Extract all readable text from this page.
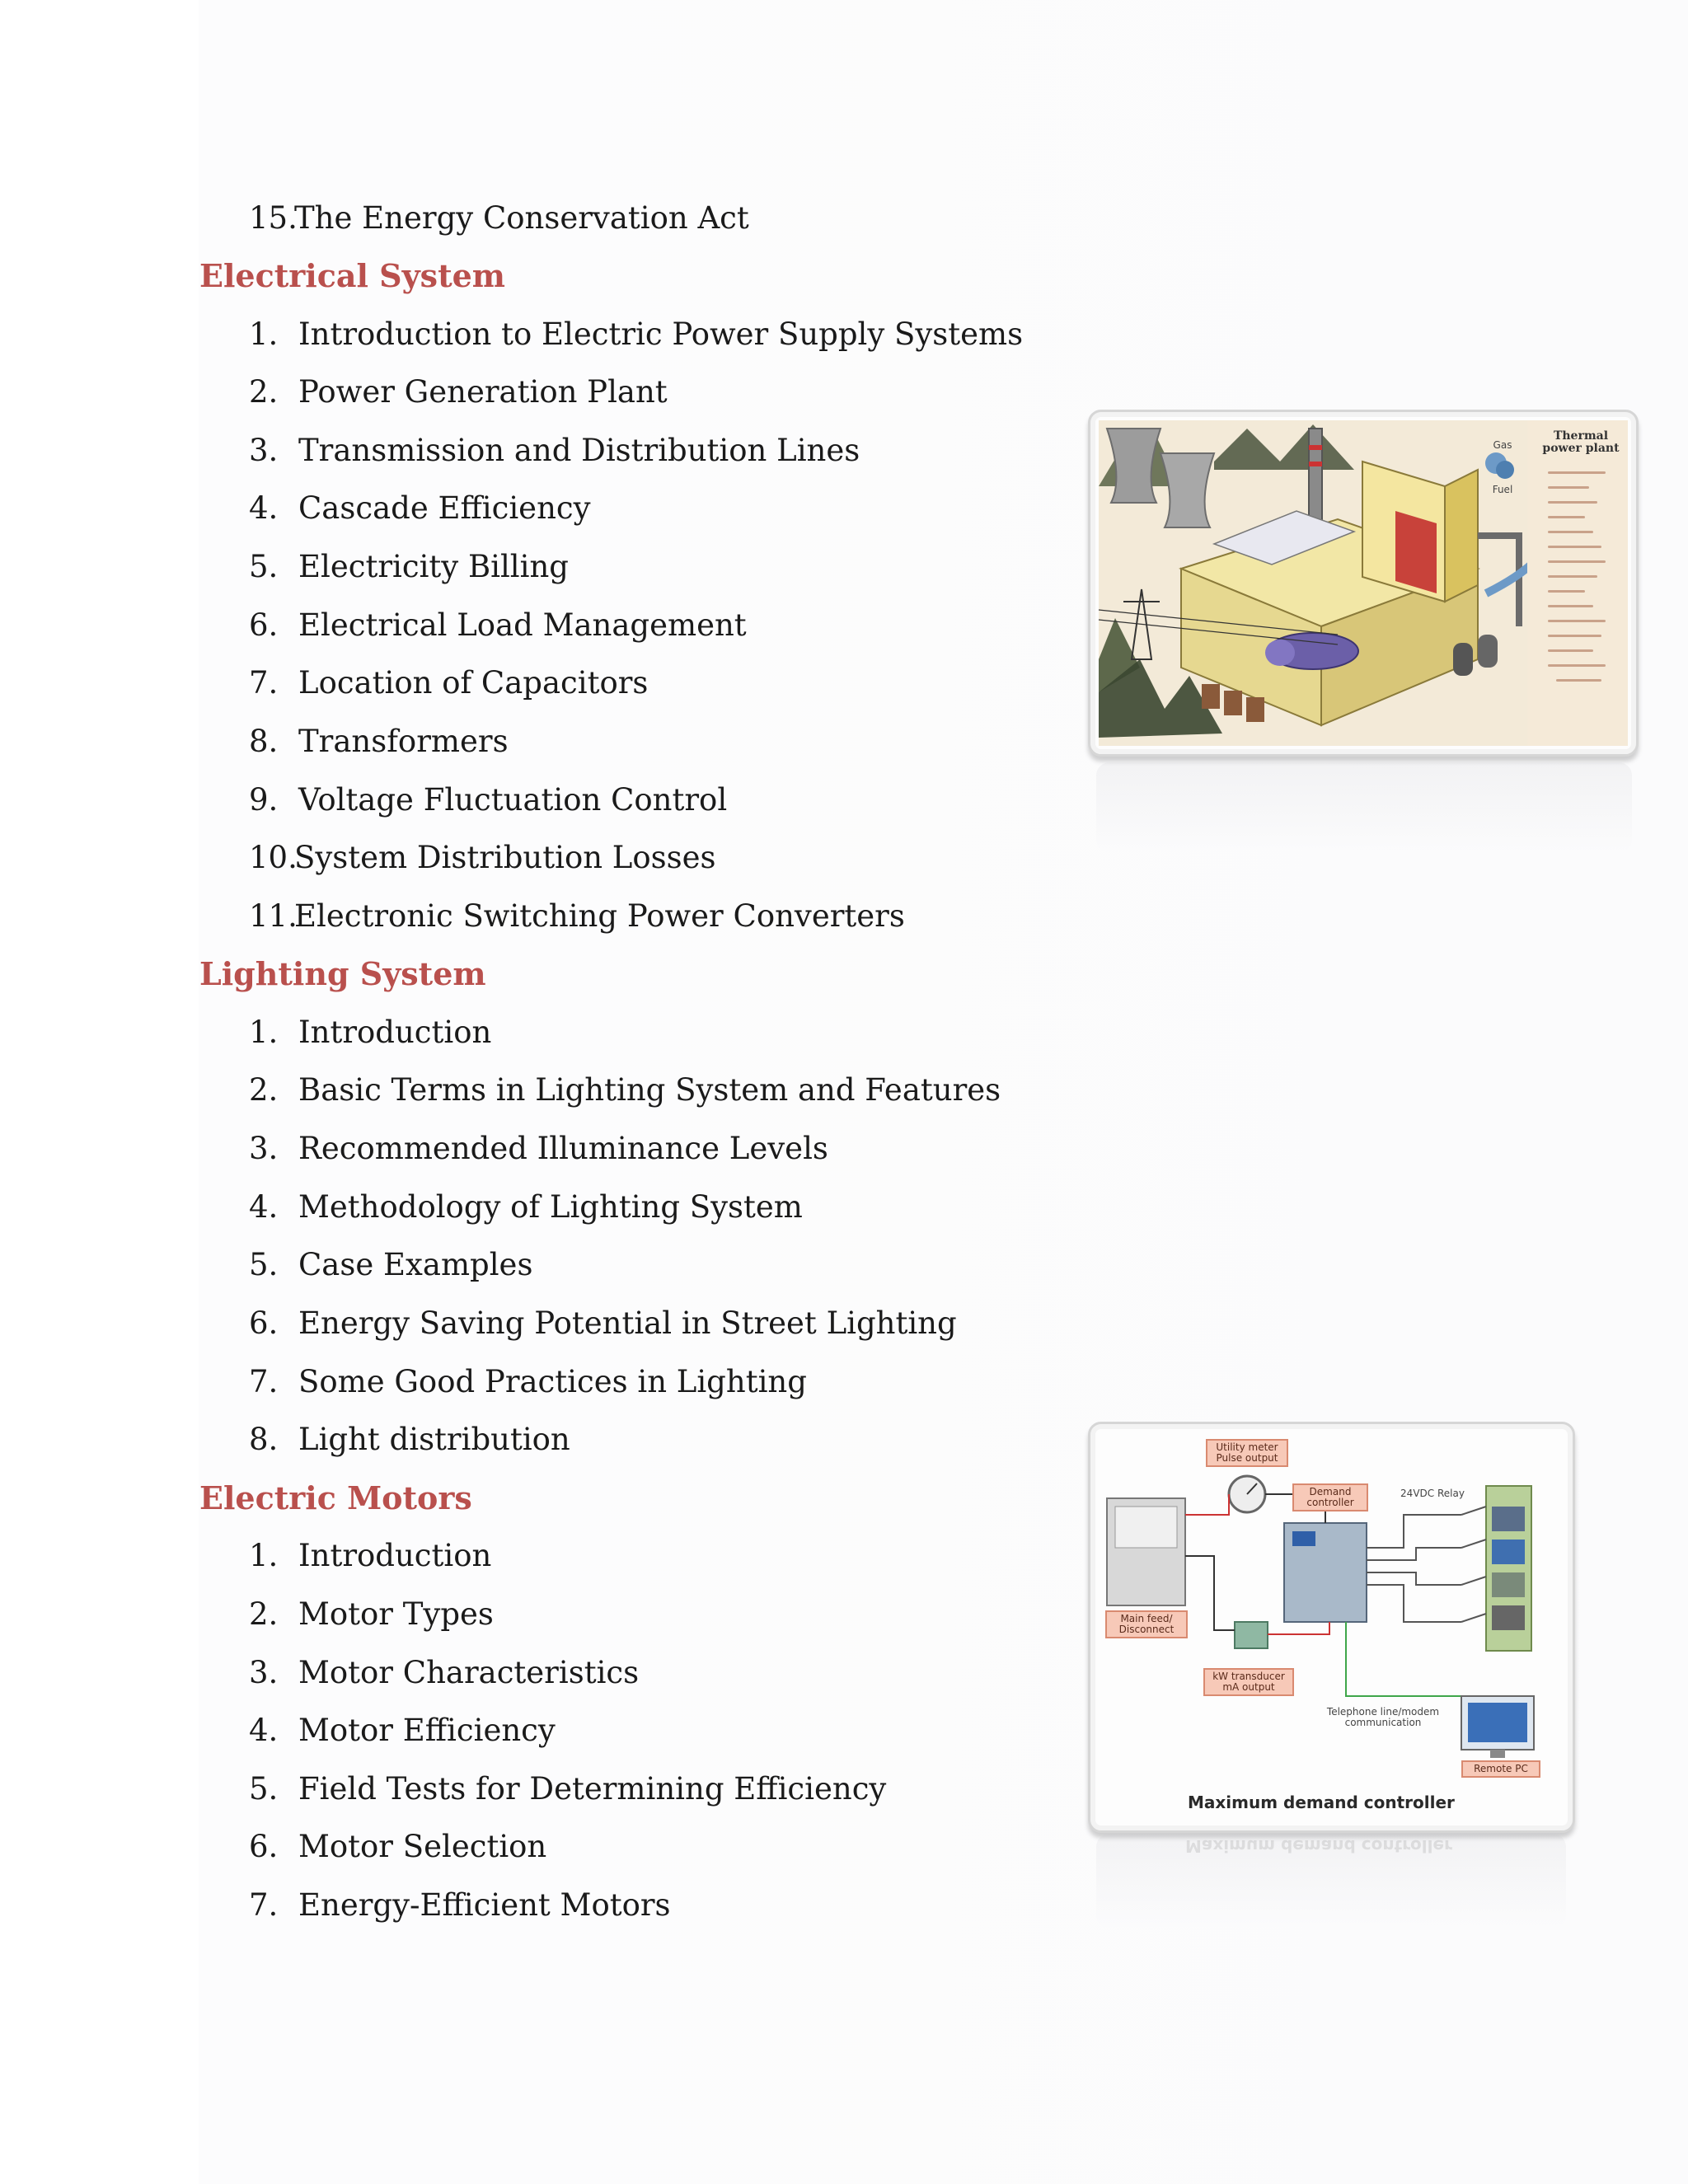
15.
The Energy Conservation Act
Electrical System
1. Introduction to Electric Power Supply Systems
2. Power Generation Plant
3. Transmission and Distribution Lines
4. Cascade Efficiency
5. Electricity Billing
6. Electrical Load Management
7. Location of Capacitors
8. Transformers
9. Voltage Fluctuation Control
10.
System Distribution Losses
11.
Electronic Switching Power Converters
Lighting System
1. Introduction
2. Basic Terms in Lighting System and Features
3. Recommended Illuminance Levels
4. Methodology of Lighting System
5. Case Examples
6. Energy Saving Potential in Street Lighting
7. Some Good Practices in Lighting
8. Light distribution
Electric Motors
1. Introduction
2. Motor Types
3. Motor Characteristics
4. Motor Efficiency
5. Field Tests for Determining Efficiency
6. Motor Selection
7. Energy-Efficient Motors
Gas
Fuel
Thermal power plant
Utility meter Pulse output
Demand controller
24VDC Relay
Main feed/ Disconnect
kW transducer mA output
Telephone line/modem communication
Remote PC
Maximum demand controller
Maximum demand controller
